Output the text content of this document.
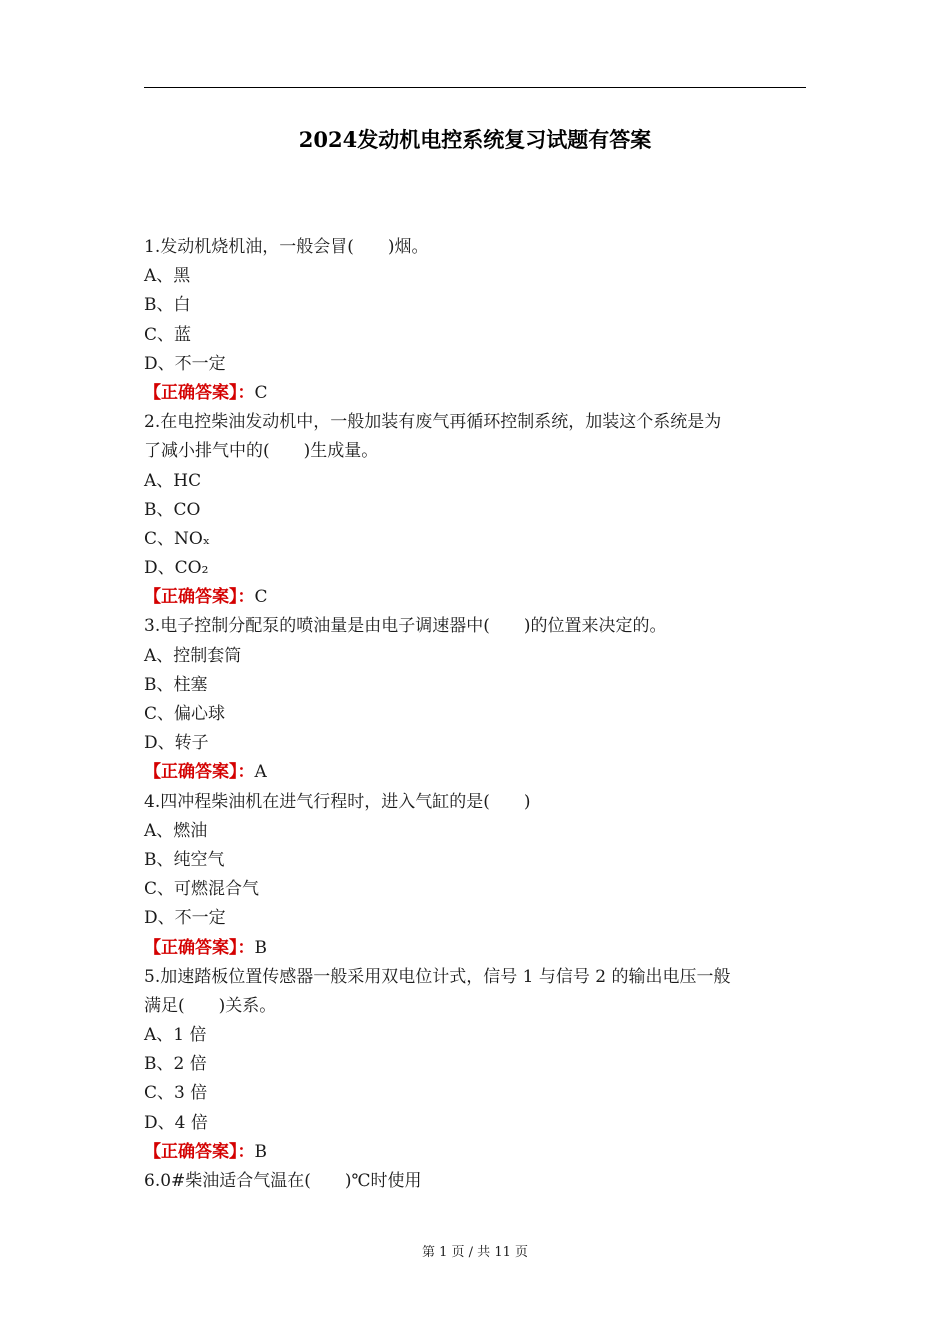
2024发动机电控系统复习试题有答案
1.发动机烧机油，一般会冒(　　)烟。
A、黑
B、白
C、蓝
D、不一定
【正确答案】：C
2.在电控柴油发动机中，一般加装有废气再循环控制系统，加装这个系统是为
了减小排气中的(　　)生成量。
A、HC
B、CO
C、NOₓ
D、CO₂
【正确答案】：C
3.电子控制分配泵的喷油量是由电子调速器中(　　)的位置来决定的。
A、控制套筒
B、柱塞
C、偏心球
D、转子
【正确答案】：A
4.四冲程柴油机在进气行程时，进入气缸的是(　　)
A、燃油
B、纯空气
C、可燃混合气
D、不一定
【正确答案】：B
5.加速踏板位置传感器一般采用双电位计式，信号 1 与信号 2 的输出电压一般
满足(　　)关系。
A、1 倍
B、2 倍
C、3 倍
D、4 倍
【正确答案】：B
6.0#柴油适合气温在(　　)℃时使用
第 1 页 / 共 11 页
